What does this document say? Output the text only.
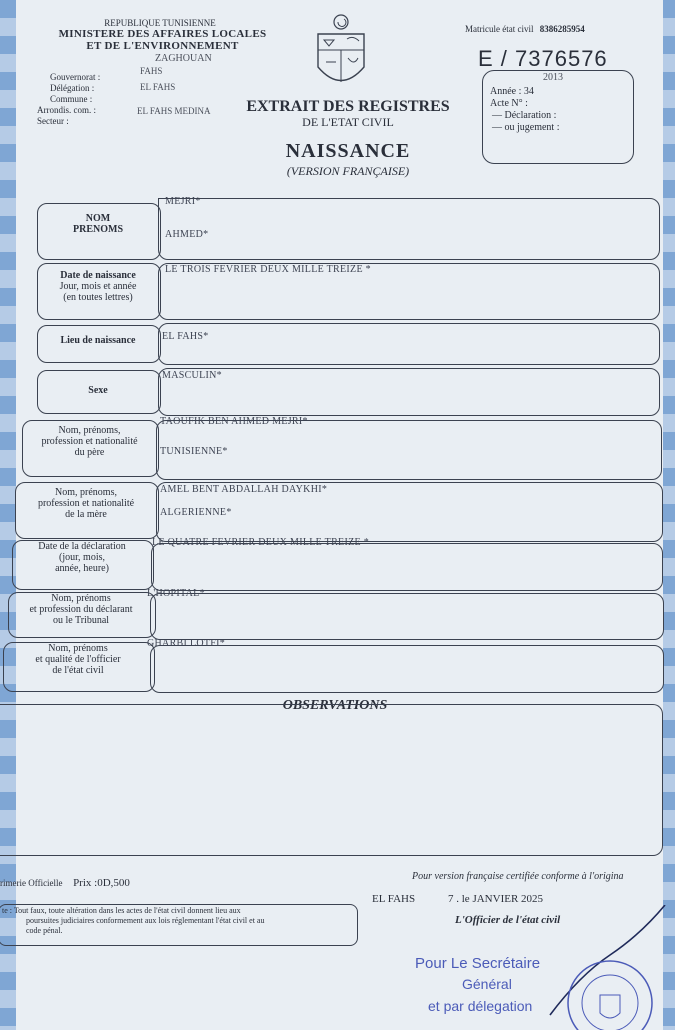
REPUBLIQUE TUNISIENNE
MINISTERE DES AFFAIRES LOCALES
ET DE L'ENVIRONNEMENT
ZAGHOUAN
Gouvernorat :
FAHS
Délégation :	EL FAHS
Commune :
Arrondis. com. :	EL FAHS MEDINA
Secteur :
Matricule état civil 8386285954
E / 7376576
2013
Année : 34
Acte N° :
— Déclaration :
— ou jugement :
EXTRAIT DES REGISTRES
DE L'ETAT CIVIL
NAISSANCE
(VERSION FRANÇAISE)
NOM
PRENOMS
MEJRI*
AHMED*
Date de naissance
Jour, mois et année
(en toutes lettres)
LE TROIS FEVRIER DEUX MILLE TREIZE *
Lieu de naissance	EL FAHS*
Sexe
MASCULIN*
Nom, prénoms,
profession et nationalité
du père
TAOUFIK BEN AHMED MEJRI*
TUNISIENNE*
Nom, prénoms,
profession et nationalité
de la mère
AMEL BENT ABDALLAH DAYKHI*
ALGERIENNE*
Date de la déclaration
(jour, mois,
année, heure)
LE QUATRE FEVRIER DEUX MILLE TREIZE *
Nom, prénoms
et profession du déclarant
ou le Tribunal
L'HOPITAL*
Nom, prénoms
et qualité de l'officier
de l'état civil
GHARBI LOTFI*
OBSERVATIONS
rimerie Officielle Prix :0D,500
Pour version française certifiée conforme à l'origina
EL FAHS	7 . le JANVIER 2025
L'Officier de l'état civil
te : Tout faux, toute altération dans les actes de l'état civil donnent lieu aux
poursuites judiciaires conformement aux lois réglementant l'état civil et au
code pénal.
Pour Le Secrétaire
Général
et par délegation
